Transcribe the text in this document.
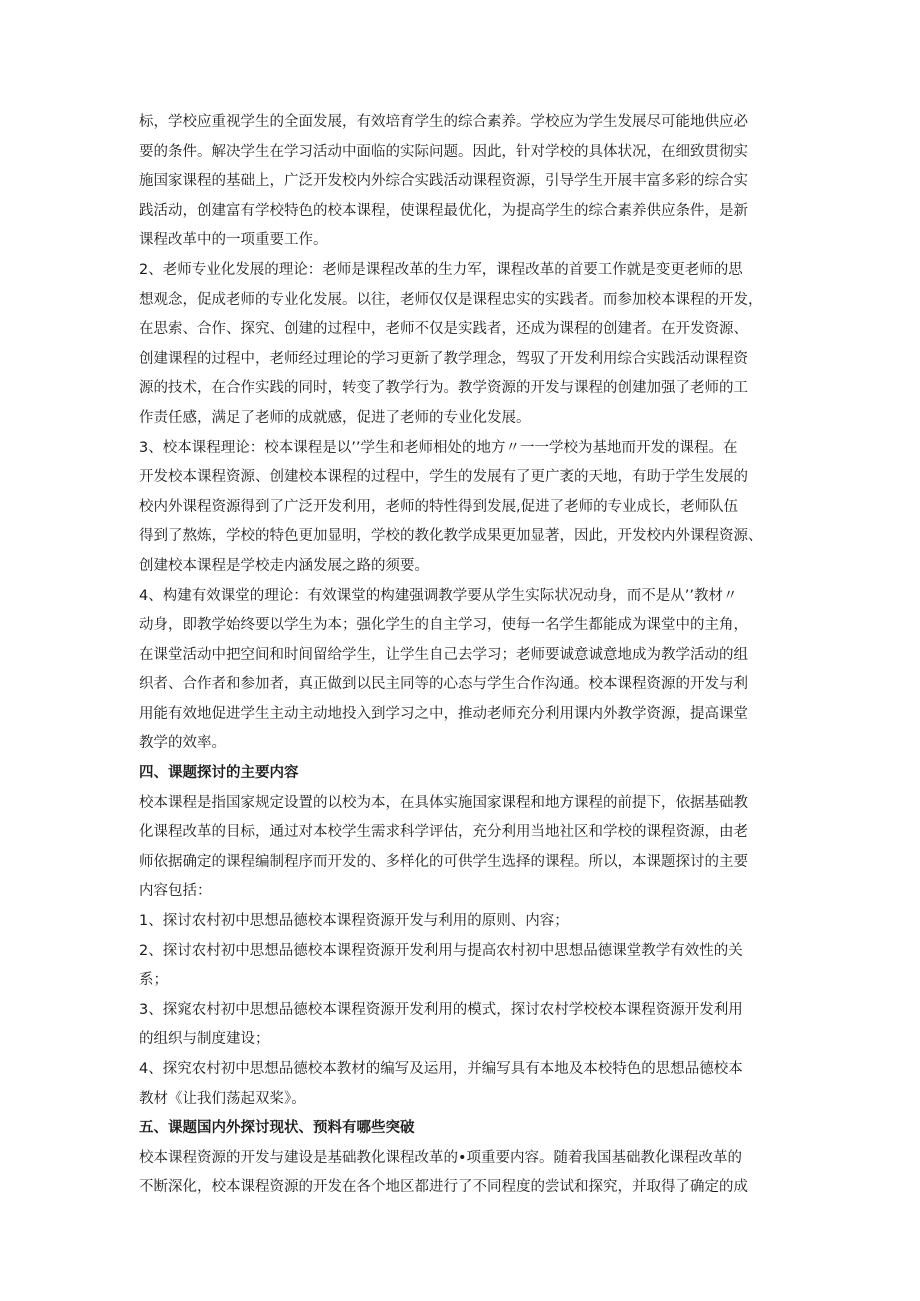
标，学校应重视学生的全面发展，有效培育学生的综合素养。学校应为学生发展尽可能地供应必
要的条件。解决学生在学习活动中面临的实际问题。因此，针对学校的具体状况，在细致贯彻实
施国家课程的基础上，广泛开发校内外综合实践活动课程资源，引导学生开展丰富多彩的综合实
践活动，创建富有学校特色的校本课程，使课程最优化，为提高学生的综合素养供应条件，是新
课程改革中的一项重要工作。
2、老师专业化发展的理论：老师是课程改革的生力军，课程改革的首要工作就是变更老师的思
想观念，促成老师的专业化发展。以往，老师仅仅是课程忠实的实践者。而参加校本课程的开发，
在思索、合作、探究、创建的过程中，老师不仅是实践者，还成为课程的创建者。在开发资源、
创建课程的过程中，老师经过理论的学习更新了教学理念，驾驭了开发利用综合实践活动课程资
源的技术，在合作实践的同时，转变了教学行为。教学资源的开发与课程的创建加强了老师的工
作责任感，满足了老师的成就感，促进了老师的专业化发展。
3、校本课程理论：校本课程是以’’学生和老师相处的地方〃一一学校为基地而开发的课程。在
开发校本课程资源、创建校本课程的过程中，学生的发展有了更广袤的天地，有助于学生发展的
校内外课程资源得到了广泛开发利用，老师的特性得到发展,促进了老师的专业成长，老师队伍
得到了熬炼，学校的特色更加显明，学校的教化教学成果更加显著，因此，开发校内外课程资源、
创建校本课程是学校走内涵发展之路的须要。
4、构建有效课堂的理论：有效课堂的构建强调教学要从学生实际状况动身，而不是从’’教材〃
动身，即教学始终要以学生为本；强化学生的自主学习，使每一名学生都能成为课堂中的主角，
在课堂活动中把空间和时间留给学生，让学生自己去学习；老师要诚意诚意地成为教学活动的组
织者、合作者和参加者，真正做到以民主同等的心态与学生合作沟通。校本课程资源的开发与利
用能有效地促进学生主动主动地投入到学习之中，推动老师充分利用课内外教学资源，提高课堂
教学的效率。
四、课题探讨的主要内容
校本课程是指国家规定设置的以校为本，在具体实施国家课程和地方课程的前提下，依据基础教
化课程改革的目标，通过对本校学生需求科学评估，充分利用当地社区和学校的课程资源，由老
师依据确定的课程编制程序而开发的、多样化的可供学生选择的课程。所以，本课题探讨的主要
内容包括：
1、探讨农村初中思想品德校本课程资源开发与利用的原则、内容；
2、探讨农村初中思想品德校本课程资源开发利用与提高农村初中思想品德课堂教学有效性的关
系；
3、探窕农村初中思想品德校本课程资源开发利用的模式，探讨农村学校校本课程资源开发利用
的组织与制度建设；
4、探究农村初中思想品德校本教材的编写及运用，并编写具有本地及本校特色的思想品德校本
教材《让我们荡起双桨》。
五、课题国内外探讨现状、预料有哪些突破
校本课程资源的开发与建设是基础教化课程改革的•项重要内容。随着我国基础教化课程改革的
不断深化，校本课程资源的开发在各个地区都进行了不同程度的尝试和探究，并取得了确定的成
